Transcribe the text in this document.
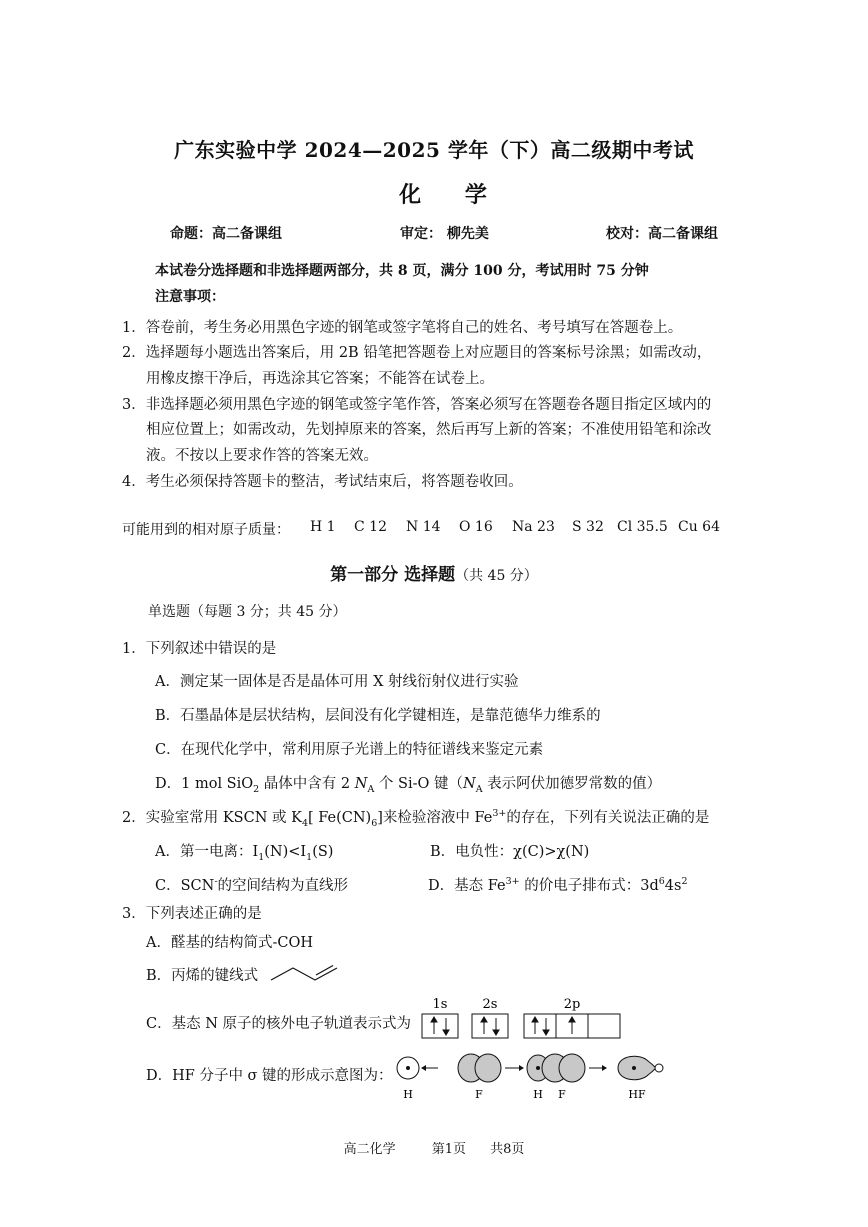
广东实验中学 2024—2025 学年（下）高二级期中考试
化 学
命题：高二备课组	审定： 柳先美	校对：高二备课组
本试卷分选择题和非选择题两部分，共 8 页，满分 100 分，考试用时 75 分钟
注意事项：
1．答卷前，考生务必用黑色字迹的钢笔或签字笔将自己的姓名、考号填写在答题卷上。
2．选择题每小题选出答案后，用 2B 铅笔把答题卷上对应题目的答案标号涂黑；如需改动，
用橡皮擦干净后，再选涂其它答案；不能答在试卷上。
3．非选择题必须用黑色字迹的钢笔或签字笔作答，答案必须写在答题卷各题目指定区域内的
相应位置上；如需改动，先划掉原来的答案，然后再写上新的答案；不准使用铅笔和涂改
液。不按以上要求作答的答案无效。
4．考生必须保持答题卡的整洁，考试结束后，将答题卷收回。
可能用到的相对原子质量： H 1 C 12 N 14 O 16 Na 23 S 32 Cl 35.5 Cu 64
第一部分 选择题（共 45 分）
单选题（每题 3 分；共 45 分）
1．下列叙述中错误的是
A．测定某一固体是否是晶体可用 X 射线衍射仪进行实验
B．石墨晶体是层状结构，层间没有化学键相连，是靠范德华力维系的
C．在现代化学中，常利用原子光谱上的特征谱线来鉴定元素
D．1 mol SiO$_2$ 晶体中含有 2 $N_A$ 个 Si-O 键（$N_A$ 表示阿伏加德罗常数的值）
2．实验室常用 KSCN 或 $K_4$[ $Fe(CN)_6$]来检验溶液中 $Fe^{3+}$的存在，下列有关说法正确的是
A．第一电离：$I_1(N)<I_1(S)$	B．电负性：χ(C)>χ(N)
C．SCN-的空间结构为直线形	D．基态 $Fe^{3+}$ 的价电子排布式：$3d^64s^2$
3．下列表述正确的是
A．醛基的结构简式-COH
B．丙烯的键线式
C．基态 N 原子的核外电子轨道表示式为
1s	2s	2p
D．HF 分子中 σ 键的形成示意图为：
H	F	H F	HF
高二化学	第1页 共8页
